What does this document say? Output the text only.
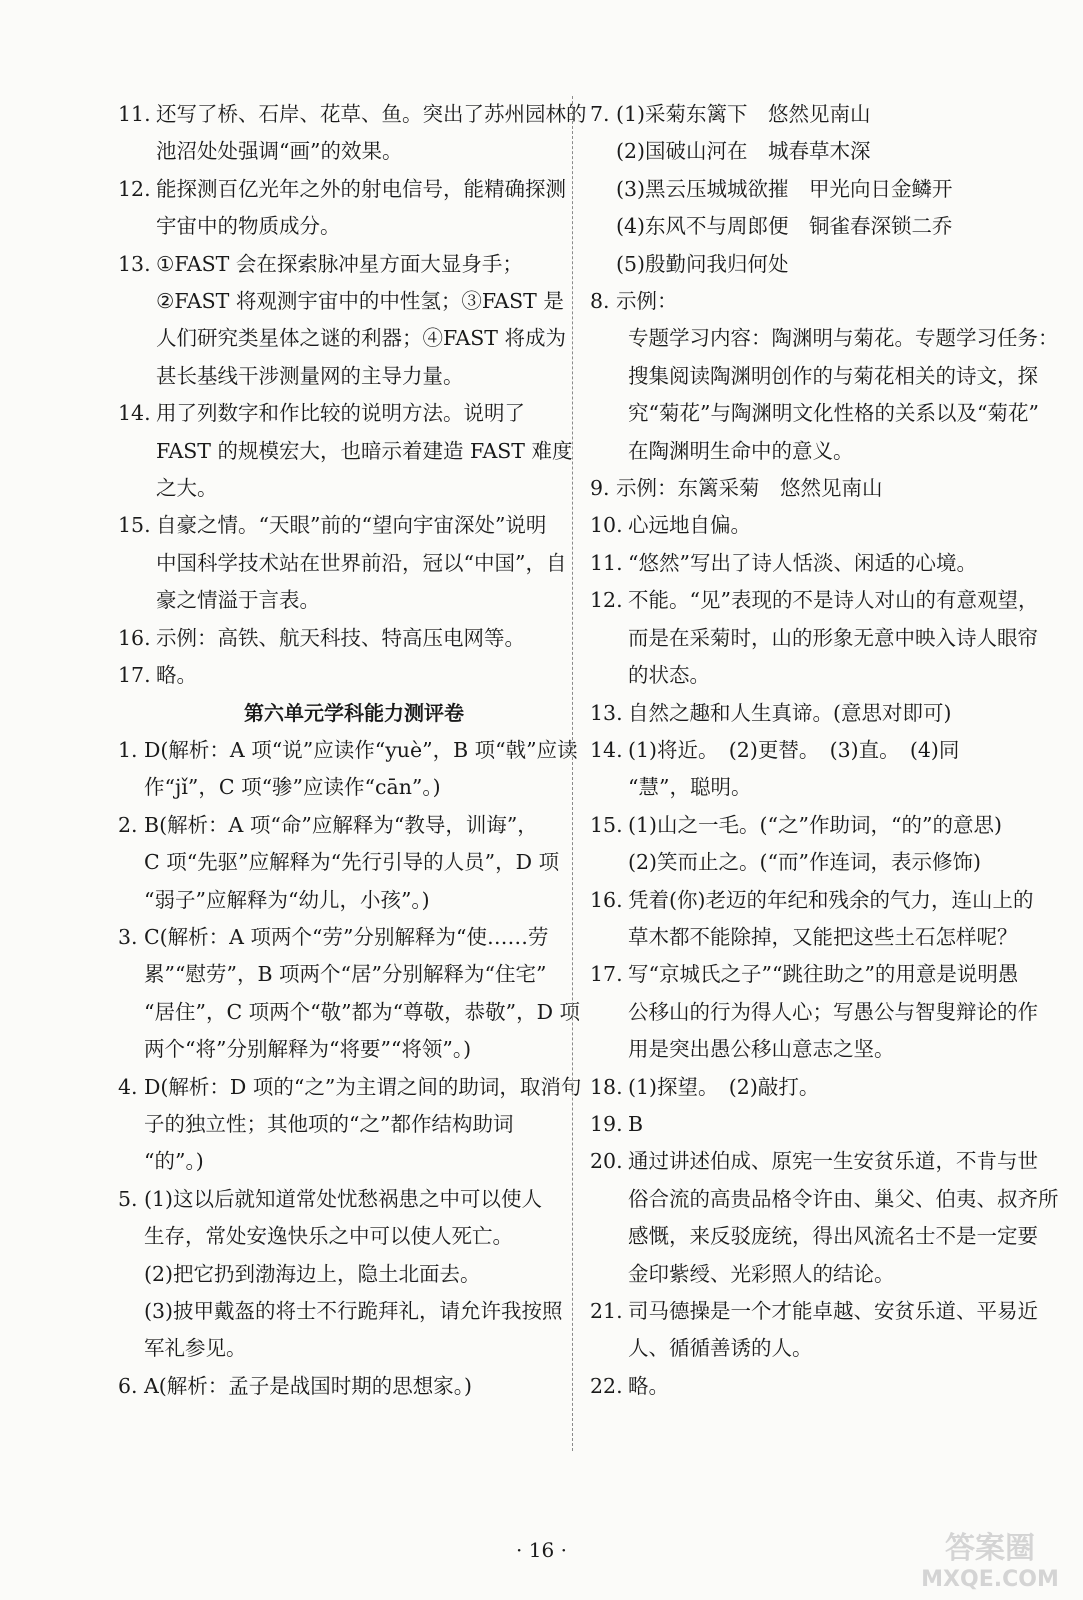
11. 还写了桥、石岸、花草、鱼。突出了苏州园林的
池沼处处强调“画”的效果。
12. 能探测百亿光年之外的射电信号，能精确探测
宇宙中的物质成分。
13. ①FAST 会在探索脉冲星方面大显身手；
②FAST 将观测宇宙中的中性氢；③FAST 是
人们研究类星体之谜的利器；④FAST 将成为
甚长基线干涉测量网的主导力量。
14. 用了列数字和作比较的说明方法。说明了
FAST 的规模宏大，也暗示着建造 FAST 难度
之大。
15. 自豪之情。“天眼”前的“望向宇宙深处”说明
中国科学技术站在世界前沿，冠以“中国”，自
豪之情溢于言表。
16. 示例：高铁、航天科技、特高压电网等。
17. 略。
第六单元学科能力测评卷
1. D(解析：A 项“说”应读作“yuè”，B 项“戟”应读
作“jǐ”，C 项“骖”应读作“cān”。)
2. B(解析：A 项“命”应解释为“教导，训诲”，
C 项“先驱”应解释为“先行引导的人员”，D 项
“弱子”应解释为“幼儿，小孩”。)
3. C(解析：A 项两个“劳”分别解释为“使……劳
累”“慰劳”，B 项两个“居”分别解释为“住宅”
“居住”，C 项两个“敬”都为“尊敬，恭敬”，D 项
两个“将”分别解释为“将要”“将领”。)
4. D(解析：D 项的“之”为主谓之间的助词，取消句
子的独立性；其他项的“之”都作结构助词
“的”。)
5. (1)这以后就知道常处忧愁祸患之中可以使人
生存，常处安逸快乐之中可以使人死亡。
(2)把它扔到渤海边上，隐土北面去。
(3)披甲戴盔的将士不行跪拜礼，请允许我按照
军礼参见。
6. A(解析：孟子是战国时期的思想家。)
7. (1)采菊东篱下　悠然见南山
(2)国破山河在　城春草木深
(3)黑云压城城欲摧　甲光向日金鳞开
(4)东风不与周郎便　铜雀春深锁二乔
(5)殷勤问我归何处
8. 示例：
专题学习内容：陶渊明与菊花。专题学习任务：
搜集阅读陶渊明创作的与菊花相关的诗文，探
究“菊花”与陶渊明文化性格的关系以及“菊花”
在陶渊明生命中的意义。
9. 示例：东篱采菊　悠然见南山
10. 心远地自偏。
11. “悠然”写出了诗人恬淡、闲适的心境。
12. 不能。“见”表现的不是诗人对山的有意观望，
而是在采菊时，山的形象无意中映入诗人眼帘
的状态。
13. 自然之趣和人生真谛。(意思对即可)
14. (1)将近。　(2)更替。　(3)直。　(4)同
“慧”，聪明。
15. (1)山之一毛。(“之”作助词，“的”的意思)
(2)笑而止之。(“而”作连词，表示修饰)
16. 凭着(你)老迈的年纪和残余的气力，连山上的
草木都不能除掉，又能把这些土石怎样呢？
17. 写“京城氏之子”“跳往助之”的用意是说明愚
公移山的行为得人心；写愚公与智叟辩论的作
用是突出愚公移山意志之坚。
18. (1)探望。　(2)敲打。
19. B
20. 通过讲述伯成、原宪一生安贫乐道，不肯与世
俗合流的高贵品格令许由、巢父、伯夷、叔齐所
感慨，来反驳庞统，得出风流名士不是一定要
金印紫绶、光彩照人的结论。
21. 司马德操是一个才能卓越、安贫乐道、平易近
人、循循善诱的人。
22. 略。
· 16 ·	答案圈
MXQE.COM
